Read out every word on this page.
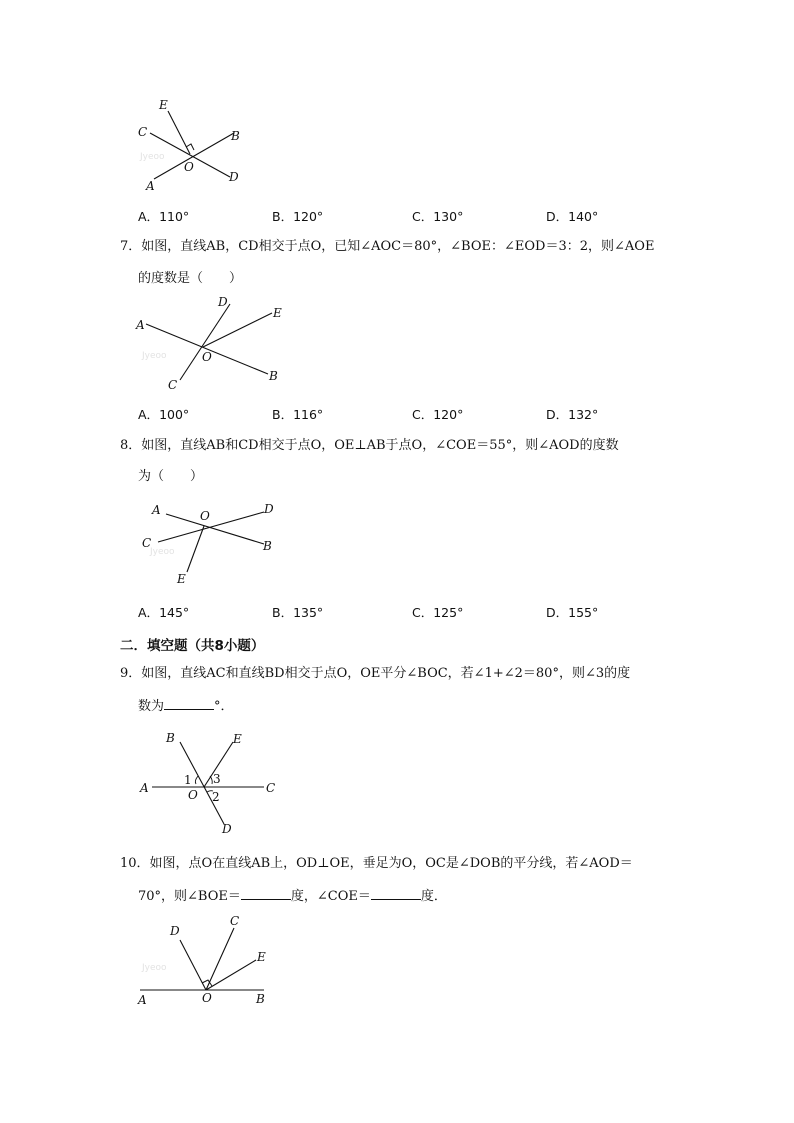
Jyeoo
E
C	B
O
A
D
A．110°	B．120°	C．130°	D．140°
7．如图，直线AB，CD相交于点O，已知∠AOC＝80°，∠BOE：∠EOD＝3：2，则∠AOE
的度数是（　　）
Jyeoo
D
E
A
O
B
C
A．100°	B．116°	C．120°	D．132°
8．如图，直线AB和CD相交于点O，OE⊥AB于点O，∠COE＝55°，则∠AOD的度数
为（　　）
Jyeoo
A	O	D
C	B
E
A．145°	B．135°	C．125°	D．155°
二．填空题（共8小题）
9．如图，直线AC和直线BD相交于点O，OE平分∠BOC，若∠1+∠2＝80°，则∠3的度
数为	°．
B	E
1 3
A	O 2
C
D
10．如图，点O在直线AB上，OD⊥OE，垂足为O，OC是∠DOB的平分线，若∠AOD＝
70°，则∠BOE＝	度，∠COE＝	度．
Jyeoo
C
D
E
A	O	B
